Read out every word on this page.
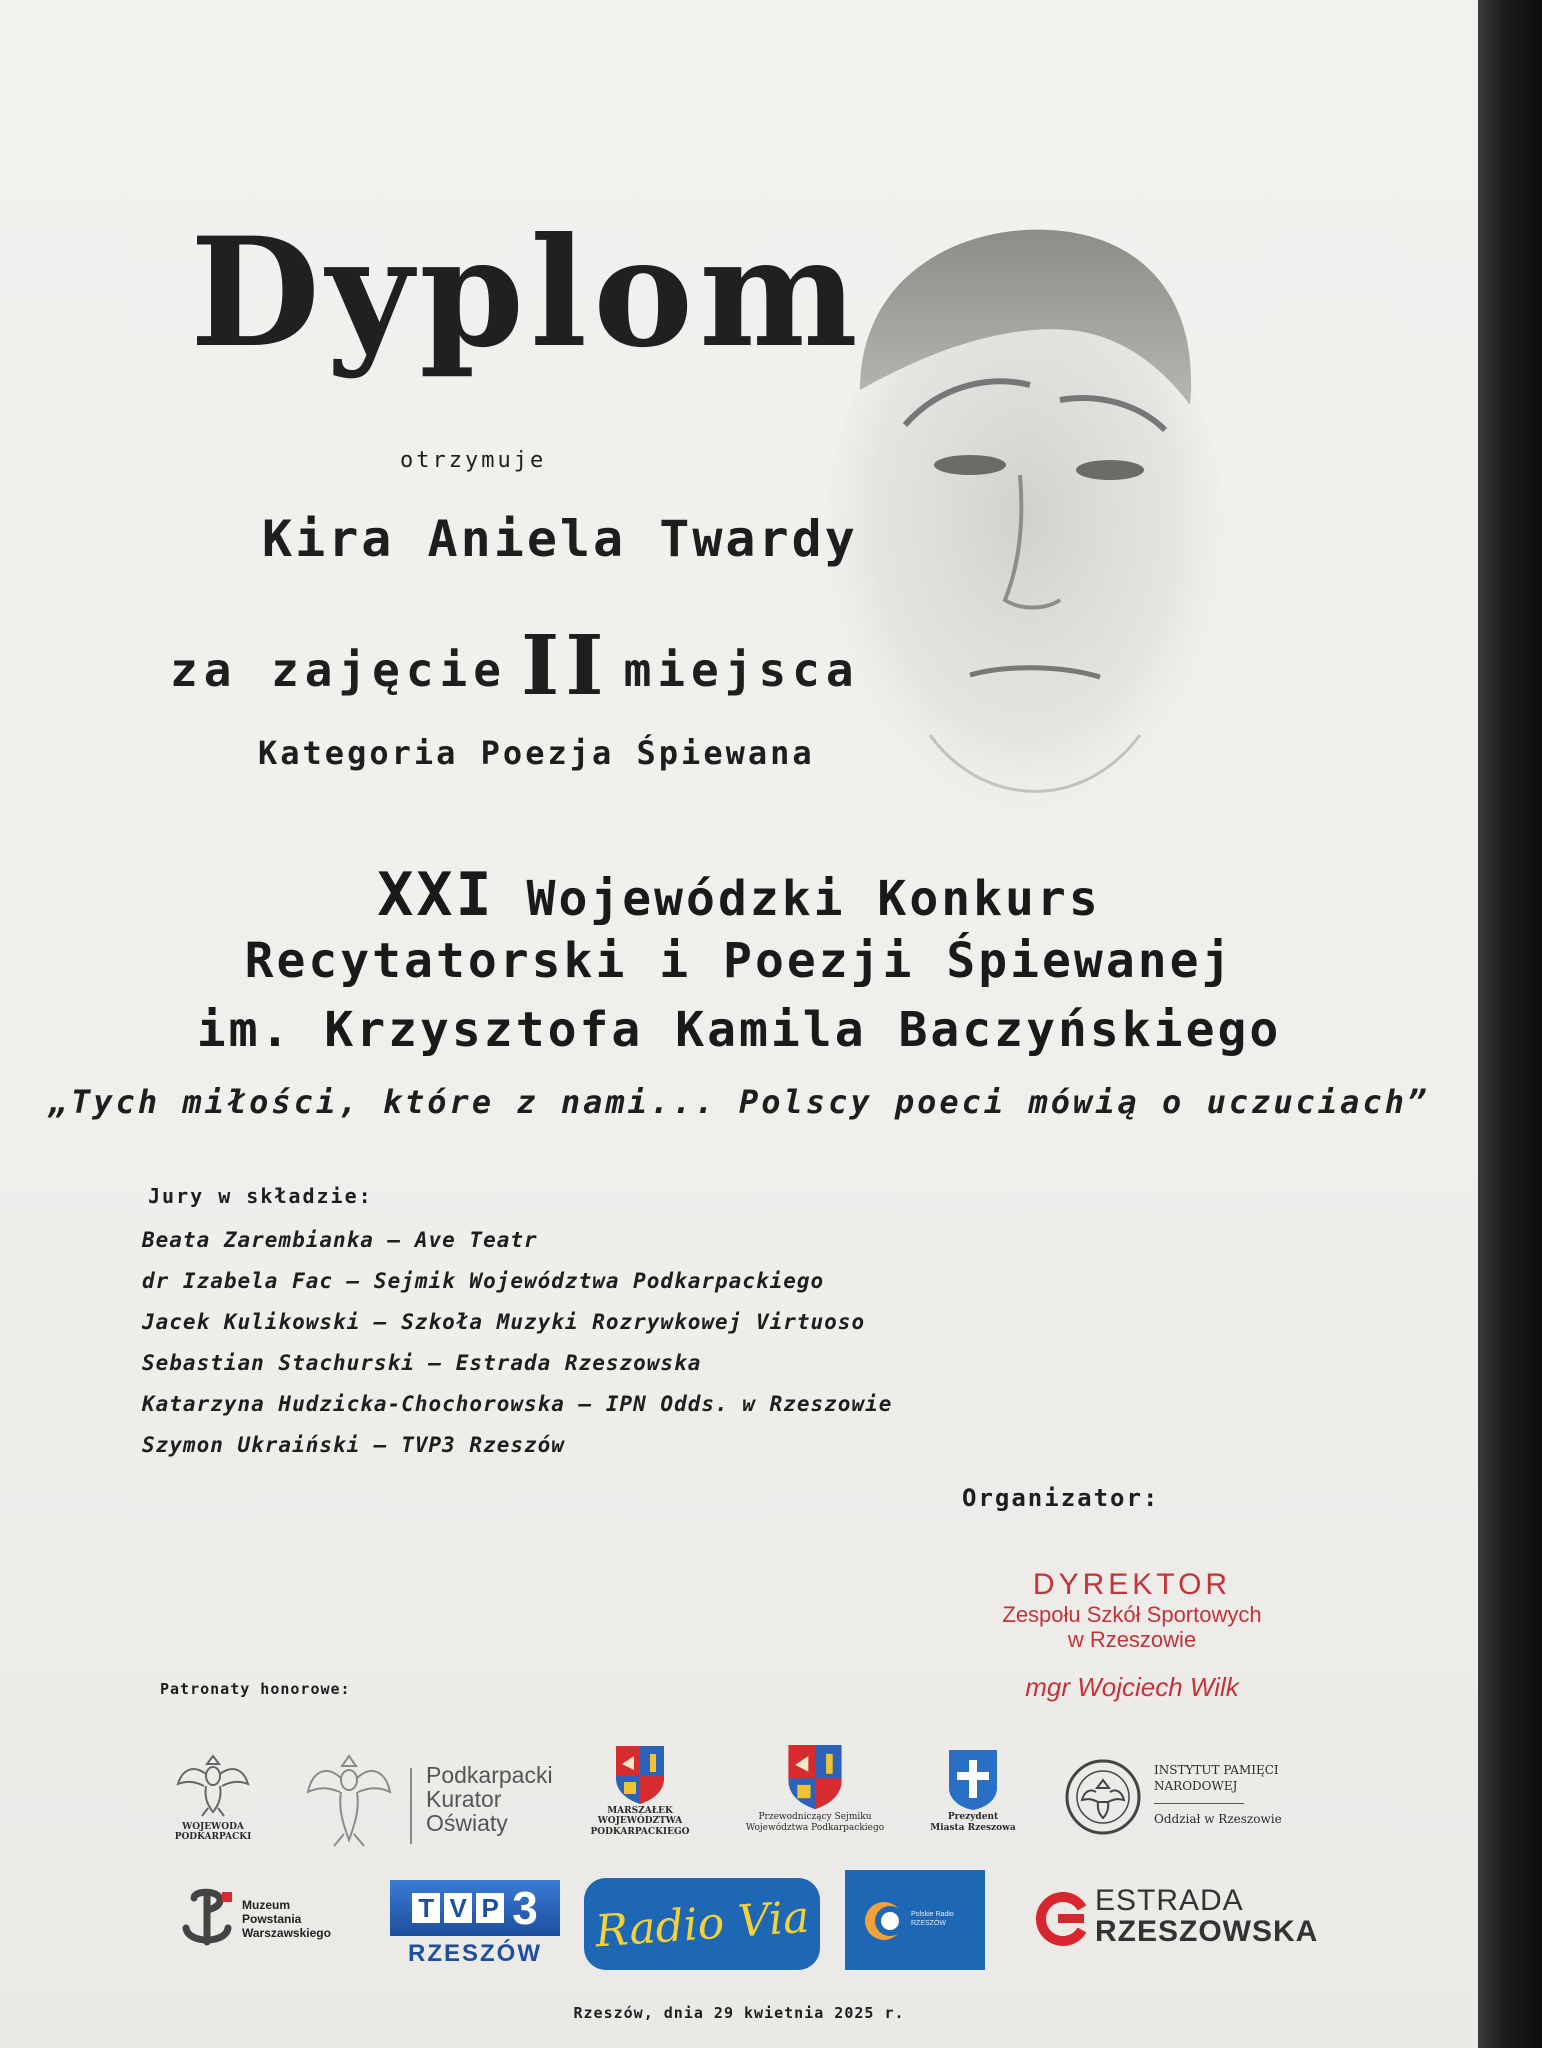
Dyplom
otrzymuje
Kira Aniela Twardy
za zajęcie II miejsca
Kategoria Poezja Śpiewana
XXI Wojewódzki Konkurs
Recytatorski i Poezji Śpiewanej
im. Krzysztofa Kamila Baczyńskiego
„Tych miłości, które z nami... Polscy poeci mówią o uczuciach”
Jury w składzie:
Beata Zarembianka – Ave Teatr
dr Izabela Fac – Sejmik Województwa Podkarpackiego
Jacek Kulikowski – Szkoła Muzyki Rozrywkowej Virtuoso
Sebastian Stachurski – Estrada Rzeszowska
Katarzyna Hudzicka-Chochorowska – IPN Odds. w Rzeszowie
Szymon Ukraiński – TVP3 Rzeszów
Organizator:
DYREKTOR
Zespołu Szkół Sportowych
w Rzeszowie
mgr Wojciech Wilk
Patronaty honorowe:
WOJEWODA
PODKARPACKI
Podkarpacki
Kurator
Oświaty	MARSZAŁEK
WOJEWÓDZTWA
PODKARPACKIEGO
Przewodniczący Sejmiku
Województwa Podkarpackiego
Prezydent
Miasta Rzeszowa
INSTYTUT PAMIĘCI
NARODOWEJ
Oddział w Rzeszowie
Muzeum
Powstania
Warszawskiego
T V P 3
RZESZÓW	Radio Via	Polskie Radio
RZESZÓW
ESTRADA
RZESZOWSKA
Rzeszów, dnia 29 kwietnia 2025 r.
